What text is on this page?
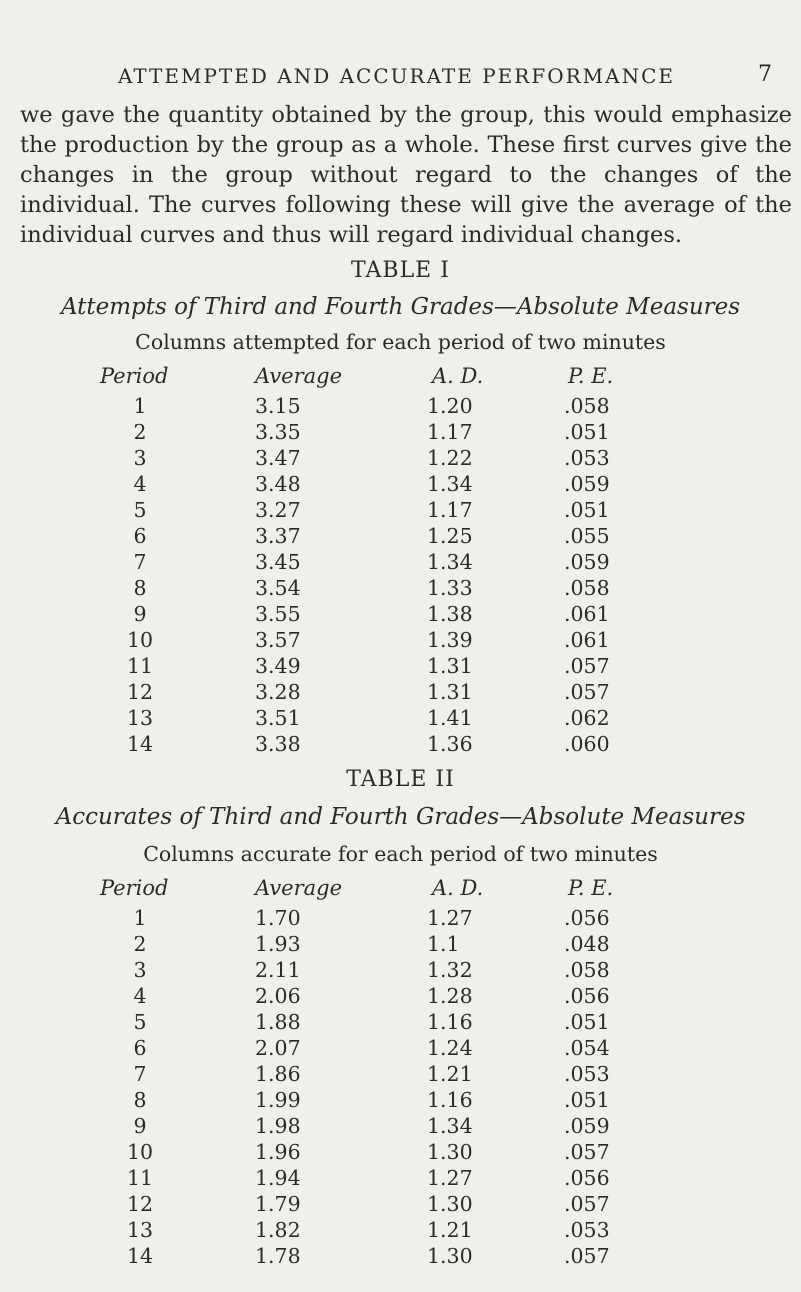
ATTEMPTED AND ACCURATE PERFORMANCE	7
we gave the quantity obtained by the group, this would emphasize the production by the group as a whole. These first curves give the changes in the group without regard to the changes of the individual. The curves following these will give the average of the individual curves and thus will regard individual changes.
TABLE I
Attempts of Third and Fourth Grades—Absolute Measures
Columns attempted for each period of two minutes
Period	Average	A. D.	P. E.
1	3.15	1.20	.058
2	3.35	1.17	.051
3	3.47	1.22	.053
4	3.48	1.34	.059
5	3.27	1.17	.051
6	3.37	1.25	.055
7	3.45	1.34	.059
8	3.54	1.33	.058
9	3.55	1.38	.061
10	3.57	1.39	.061
11	3.49	1.31	.057
12	3.28	1.31	.057
13	3.51	1.41	.062
14	3.38	1.36	.060
TABLE II
Accurates of Third and Fourth Grades—Absolute Measures
Columns accurate for each period of two minutes
Period	Average	A. D.	P. E.
1	1.70	1.27	.056
2	1.93	1.1	.048
3	2.11	1.32	.058
4	2.06	1.28	.056
5	1.88	1.16	.051
6	2.07	1.24	.054
7	1.86	1.21	.053
8	1.99	1.16	.051
9	1.98	1.34	.059
10	1.96	1.30	.057
11	1.94	1.27	.056
12	1.79	1.30	.057
13	1.82	1.21	.053
14	1.78	1.30	.057
